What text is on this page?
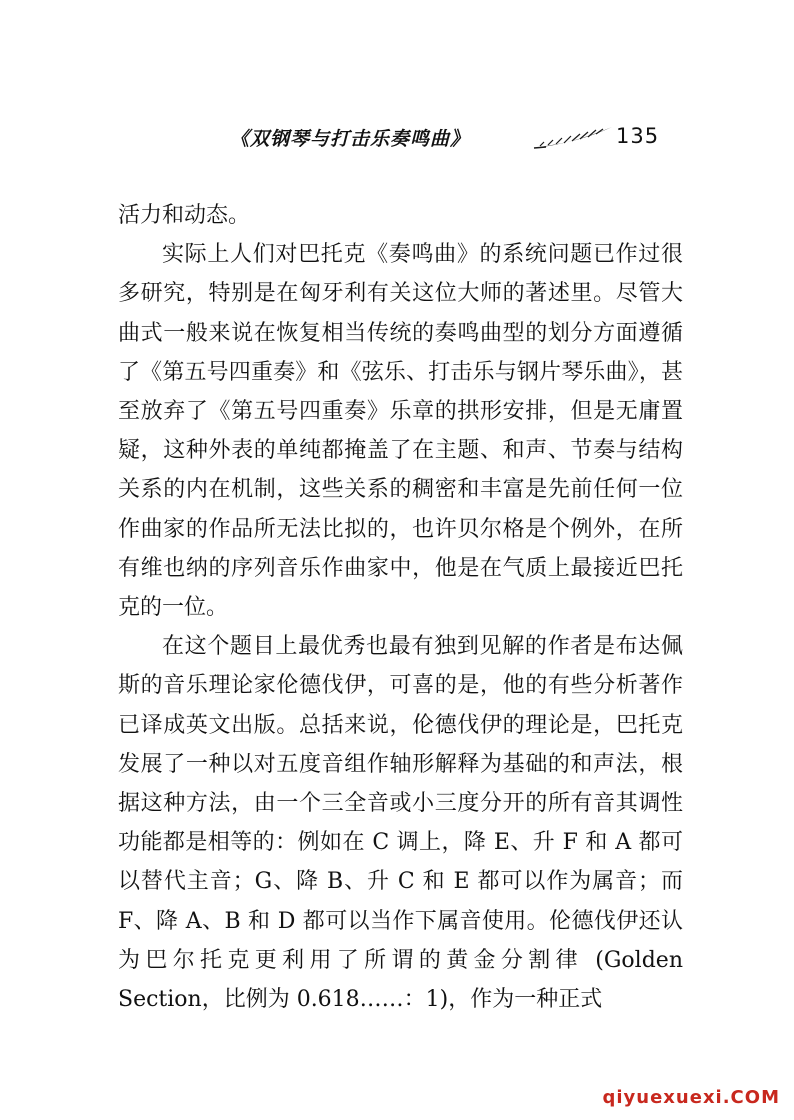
《双钢琴与打击乐奏鸣曲》	135

活力和动态。

实际上人们对巴托克《奏鸣曲》的系统问题已作过很多研究，特别是在匈牙利有关这位大师的著述里。尽管大曲式一般来说在恢复相当传统的奏鸣曲型的划分方面遵循了《第五号四重奏》和《弦乐、打击乐与钢片琴乐曲》，甚至放弃了《第五号四重奏》乐章的拱形安排，但是无庸置疑，这种外表的单纯都掩盖了在主题、和声、节奏与结构关系的内在机制，这些关系的稠密和丰富是先前任何一位作曲家的作品所无法比拟的，也许贝尔格是个例外，在所有维也纳的序列音乐作曲家中，他是在气质上最接近巴托克的一位。

在这个题目上最优秀也最有独到见解的作者是布达佩斯的音乐理论家伦德伐伊，可喜的是，他的有些分析著作已译成英文出版。总括来说，伦德伐伊的理论是，巴托克发展了一种以对五度音组作轴形解释为基础的和声法，根据这种方法，由一个三全音或小三度分开的所有音其调性功能都是相等的：例如在 C 调上，降 E、升 F 和 A 都可以替代主音；G、降 B、升 C 和 E 都可以作为属音；而 F、降 A、B 和 D 都可以当作下属音使用。伦德伐伊还认为巴尔托克更利用了所谓的黄金分割律 (Golden Section，比例为 0.618……：1)，作为一种正式

qiyuexuexi.COM
